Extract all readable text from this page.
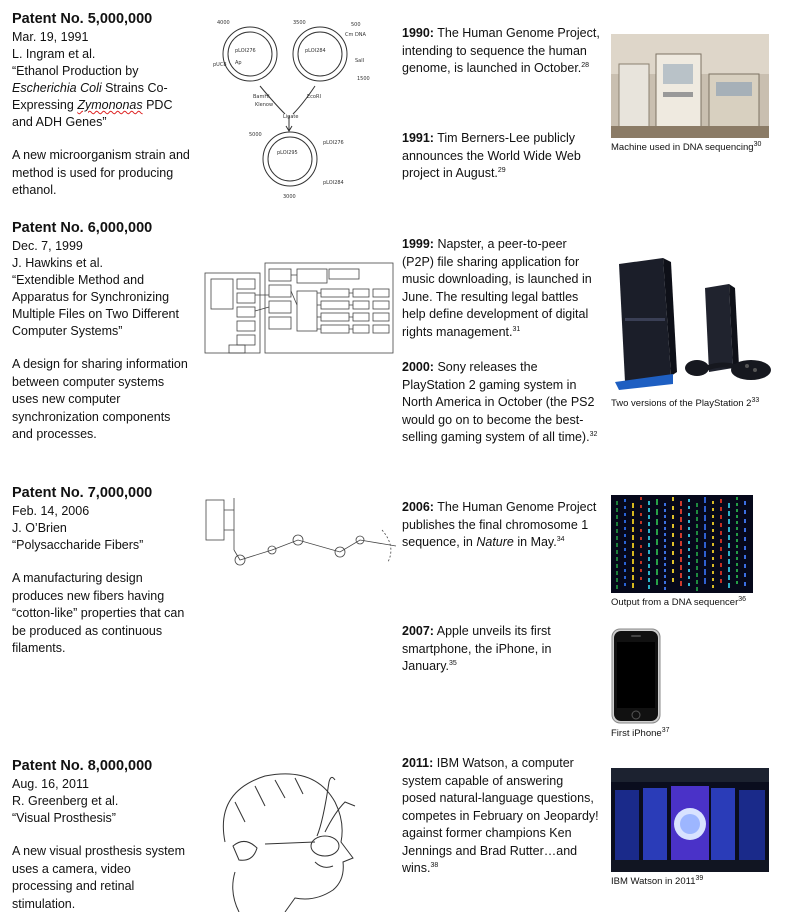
Patent No. 5,000,000
Mar. 19, 1991
L. Ingram et al.
“Ethanol Production by Escherichia Coli Strains Co-Expressing Zymononas PDC and ADH Genes”
A new microorganism strain and method is used for producing ethanol.
pLOI276	pLOI284
pUC8 Ap
Cm DNA
SalI
BamHI
Klenow
EcoRI
Ligate
pLOI295
pLOI276
pLOI284
4000	3500	500
1500
5000
3000
1990: The Human Genome Project, intending to sequence the human genome, is launched in October.$^{28}$
1991: Tim Berners-Lee publicly announces the World Wide Web project in August.$^{29}$
Machine used in DNA sequencing$^{30}$
Patent No. 6,000,000
Dec. 7, 1999
J. Hawkins et al.
“Extendible Method and Apparatus for Synchronizing Multiple Files on Two Different Computer Systems”
A design for sharing information between computer systems uses new computer synchronization components and processes.
1999: Napster, a peer-to-peer (P2P) file sharing application for music downloading, is launched in June. The resulting legal battles help define development of digital rights management.$^{31}$
2000: Sony releases the PlayStation 2 gaming system in North America in October (the PS2 would go on to become the best-selling gaming system of all time).$^{32}$
Two versions of the PlayStation $2^{33}$
Patent No. 7,000,000
Feb. 14, 2006
J. O’Brien
“Polysaccharide Fibers”
A manufacturing design produces new fibers having “cotton-like” properties that can be produced as continuous filaments.
2006: The Human Genome Project publishes the final chromosome 1 sequence, in Nature in May.$^{34}$
2007: Apple unveils its first smartphone, the iPhone, in January.$^{35}$
Output from a DNA sequencer$^{36}$
First iPhone$^{37}$
Patent No. 8,000,000
Aug. 16, 2011
R. Greenberg et al.
“Visual Prosthesis”
A new visual prosthesis system uses a camera, video processing and retinal stimulation.
2011: IBM Watson, a computer system capable of answering posed natural-language questions, competes in February on Jeopardy! against former champions Ken Jennings and Brad Rutter…and wins.$^{38}$
IBM Watson in 2011$^{39}$
